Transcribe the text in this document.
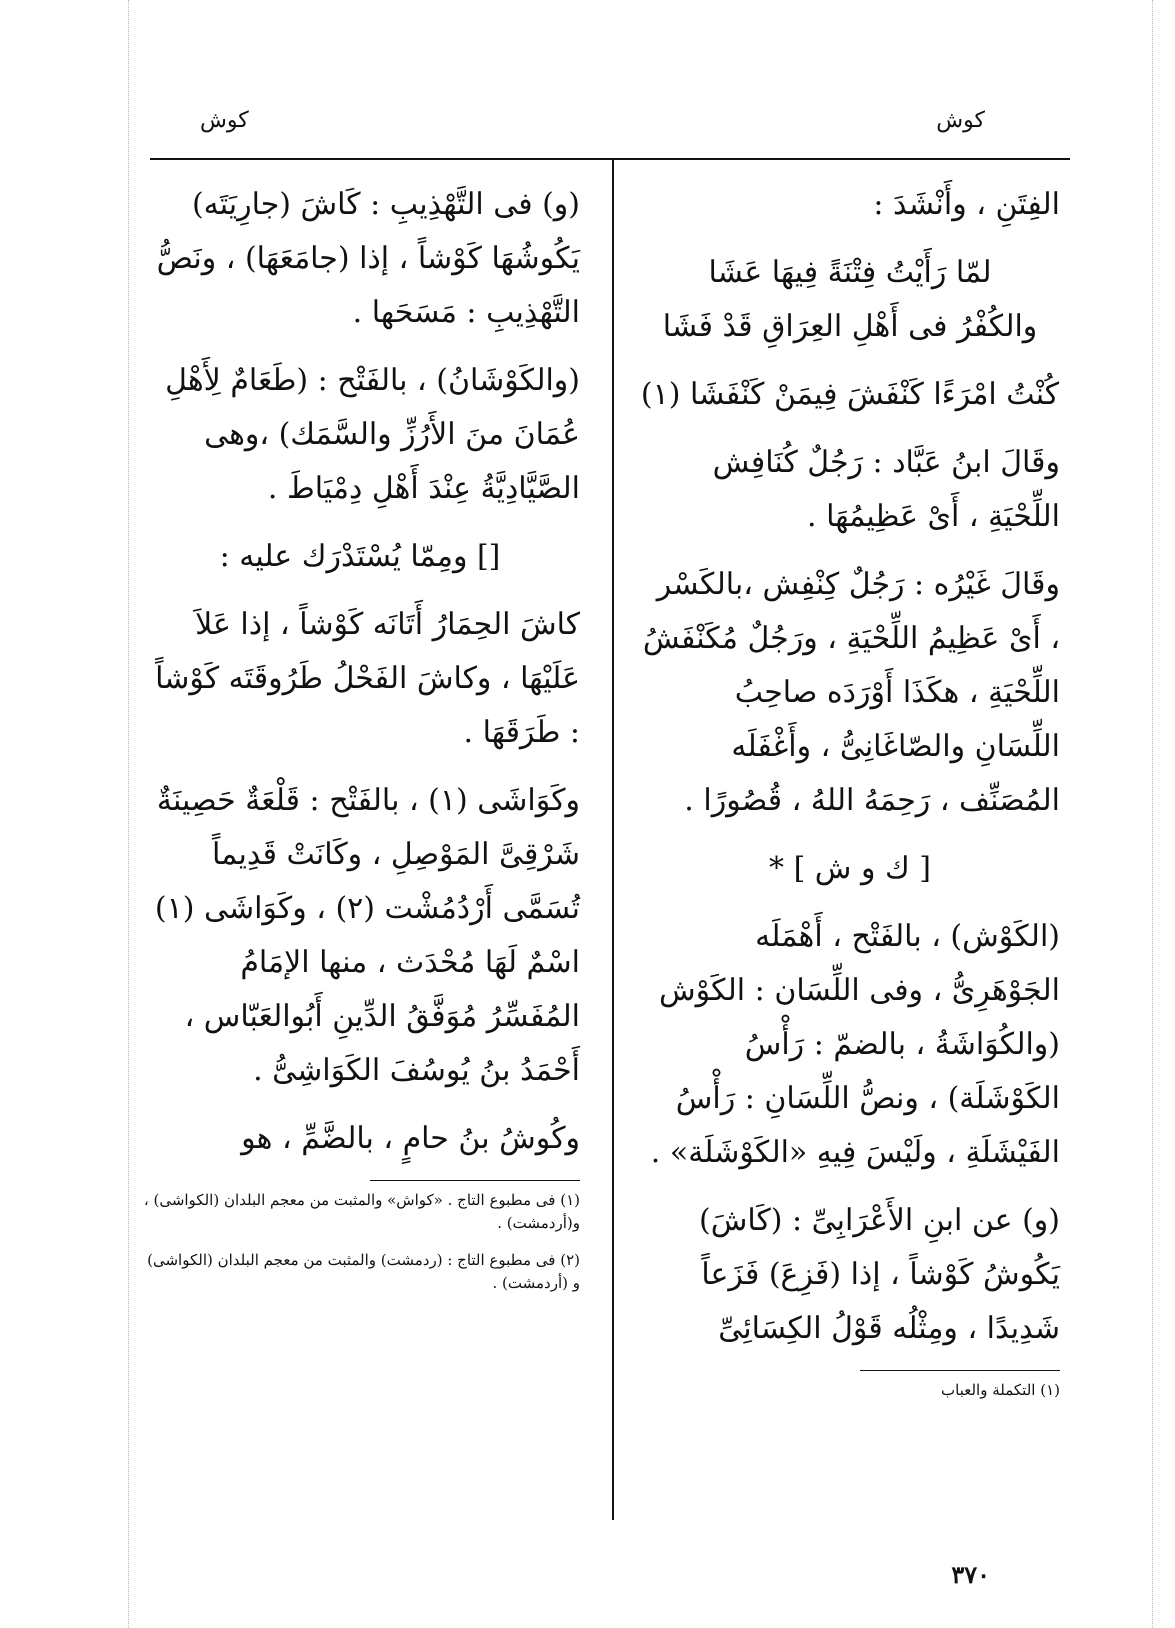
كوش
كوش

الفِتَنِ ، وأَنْشَدَ :

لمّا رَأَيْتُ فِتْنَةً فِيهَا عَشَا

والكُفْرُ فى أَهْلِ العِرَاقِ قَدْ فَشَا

كُنْتُ امْرَءًا كَنْفَشَ فِيمَنْ كَنْفَشَا (١)

وقَالَ ابنُ عَبَّاد : رَجُلٌ كُنَافِش اللِّحْيَةِ ، أَىْ عَظِيمُهَا .

وقَالَ غَيْرُه : رَجُلٌ كِنْفِش ،بالكَسْر ، أَىْ عَظِيمُ اللِّحْيَةِ ، ورَجُلٌ مُكَنْفَشُ اللِّحْيَةِ ، هكَذَا أَوْرَدَه صاحِبُ اللِّسَانِ والصّاغَانِىُّ ، وأَغْفَلَه المُصَنِّف ، رَحِمَهُ اللهُ ، قُصُورًا .

[ ك و ش ] *

(الكَوْش) ، بالفَتْح ، أَهْمَلَه الجَوْهَرِىُّ ، وفى اللِّسَان : الكَوْش (والكُوَاشَةُ ، بالضمّ : رَأْسُ الكَوْشَلَة) ، ونصُّ اللِّسَانِ : رَأْسُ الفَيْشَلَةِ ، ولَيْسَ فِيهِ «الكَوْشَلَة» .

(و) عن ابنِ الأَعْرَابِىِّ : (كَاشَ) يَكُوشُ كَوْشاً ، إذا (فَزِعَ) فَزَعاً شَدِيدًا ، ومِثْلُه قَوْلُ الكِسَائِىِّ

(١) التكملة والعباب

(و) فى التَّهْذِيبِ : كَاشَ (جارِيَتَه) يَكُوشُهَا كَوْشاً ، إذا (جامَعَهَا) ، ونَصُّ التَّهْذِيبِ : مَسَحَها .

(والكَوْشَانُ) ، بالفَتْح : (طَعَامٌ لِأَهْلِ عُمَانَ منَ الأَرُزِّ والسَّمَك) ،وهى الصَّيَّادِيَّةُ عِنْدَ أَهْلِ دِمْيَاطَ .

[] ومِمّا يُسْتَدْرَك عليه :

كاشَ الحِمَارُ أَتَانَه كَوْشاً ، إذا عَلاَ عَلَيْهَا ، وكاشَ الفَحْلُ طَرُوقَتَه كَوْشاً : طَرَقَهَا .

وكَوَاشَى (١) ، بالفَتْح : قَلْعَةٌ حَصِينَةٌ شَرْقِىَّ المَوْصِلِ ، وكَانَتْ قَدِيماً تُسَمَّى أَرْدُمُشْت (٢) ، وكَوَاشَى (١) اسْمٌ لَهَا مُحْدَث ، منها الإمَامُ المُفَسِّرُ مُوَفَّقُ الدِّينِ أَبُوالعَبّاس ، أَحْمَدُ بنُ يُوسُفَ الكَوَاشِىُّ .

وكُوشُ بنُ حامٍ ، بالضَّمِّ ، هو

(١) فى مطبوع التاج . «كواش» والمثبت من معجم البلدان (الكواشى) ، و(أردمشت) .

(٢) فى مطبوع التاج : (ردمشت) والمثبت من معجم البلدان (الكواشى) و (أردمشت) .

٣٧٠
